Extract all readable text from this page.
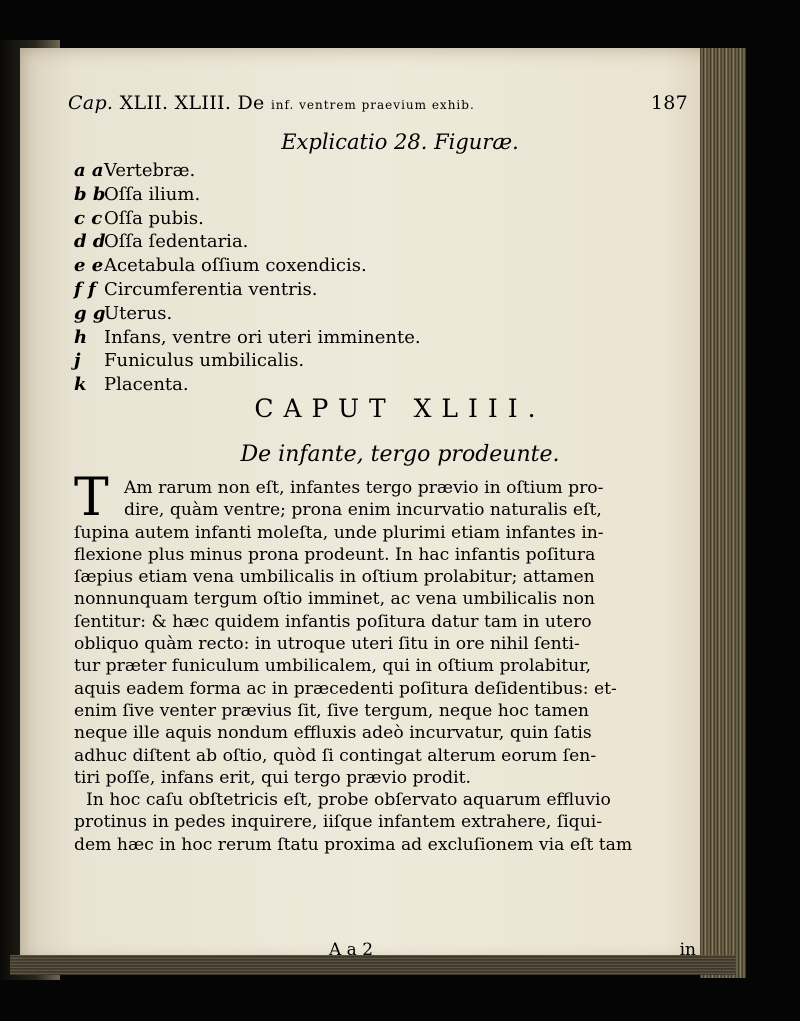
Cap. XLII. XLIII. De inf. ventrem praevium exhib.	187
Explicatio 28. Figuræ.
a aVertebræ.
b bOſſa ilium.
c c Oſſa pubis.
d dOſſa ſedentaria.
e eAcetabula oſſium coxendicis.
f f Circumferentia ventris.
g gUterus.
h Infans, ventre ori uteri imminente.
j Funiculus umbilicalis.
k Placenta.
CAPUT XLIII.
De infante, tergo prodeunte.
T Am rarum non eſt, infantes tergo prævio in oſtium pro-
dire, quàm ventre; prona enim incurvatio naturalis eſt,
ſupina autem infanti moleſta, unde plurimi etiam infantes in-
flexione plus minus prona prodeunt. In hac infantis poſitura
ſæpius etiam vena umbilicalis in oſtium prolabitur; attamen
nonnunquam tergum oſtio imminet, ac vena umbilicalis non
ſentitur: & hæc quidem infantis poſitura datur tam in utero
obliquo quàm recto: in utroque uteri ſitu in ore nihil ſenti-
tur præter funiculum umbilicalem, qui in oſtium prolabitur,
aquis eadem forma ac in præcedenti poſitura deſidentibus: et-
enim ſive venter prævius ſit, ſive tergum, neque hoc tamen
neque ille aquis nondum effluxis adeò incurvatur, quin ſatis
adhuc diſtent ab oſtio, quòd ſi contingat alterum eorum ſen-
tiri poſſe, infans erit, qui tergo prævio prodit.
In hoc caſu obſtetricis eſt, probe obſervato aquarum effluvio
protinus in pedes inquirere, iiſque infantem extrahere, ſiqui-
dem hæc in hoc rerum ſtatu proxima ad excluſionem via eſt tam
A a 2	in
